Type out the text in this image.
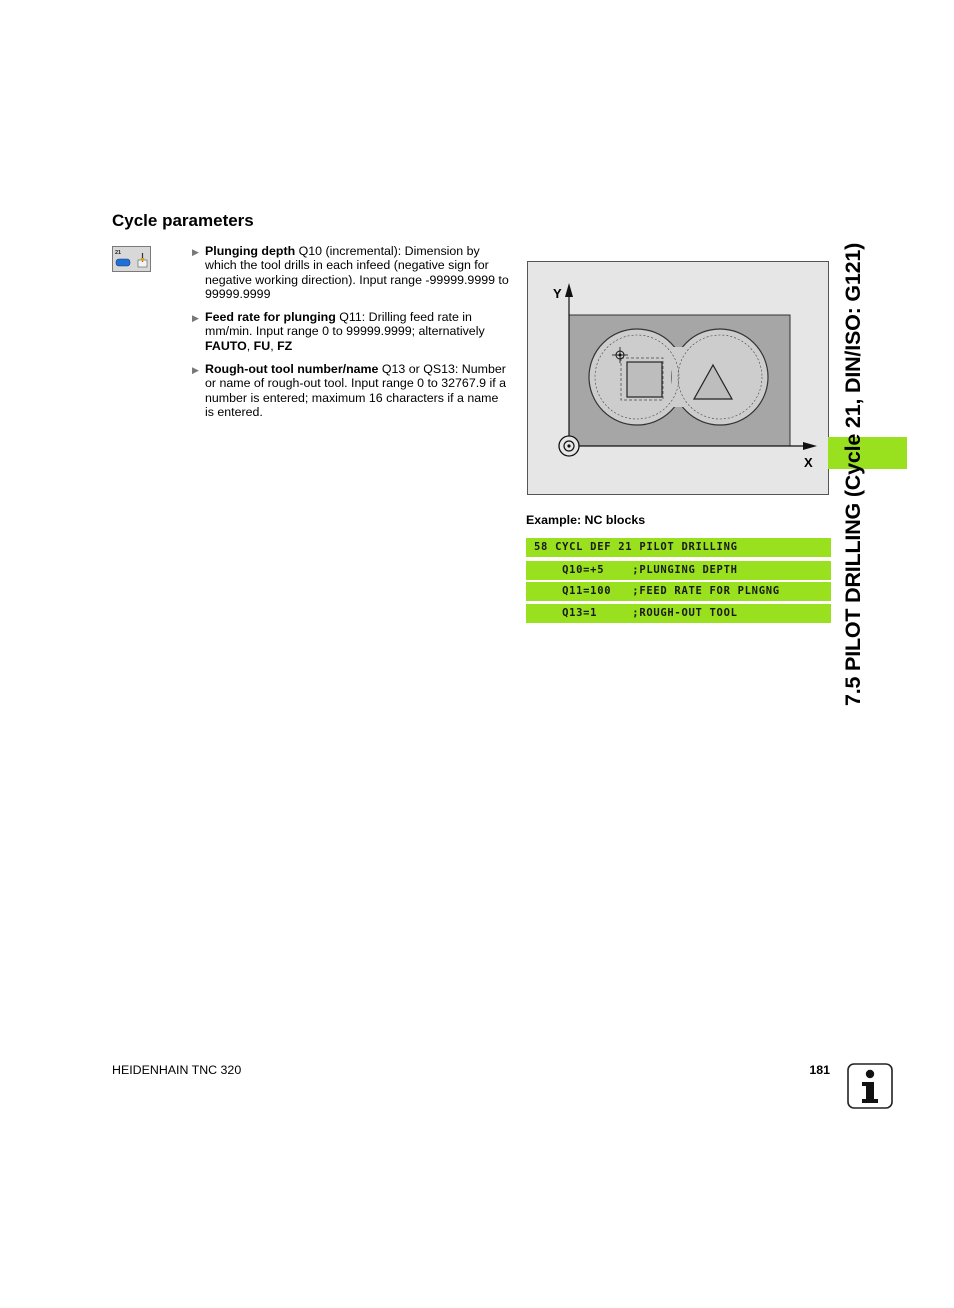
Cycle parameters
21	▶ Plunging depth Q10 (incremental): Dimension by which the tool drills in each infeed (negative sign for negative working direction). Input range -99999.9999 to 99999.9999
▶ Feed rate for plunging Q11: Drilling feed rate in mm/min. Input range 0 to 99999.9999; alternatively FAUTO, FU, FZ
▶ Rough-out tool number/name Q13 or QS13: Number or name of rough-out tool. Input range 0 to 32767.9 if a number is entered; maximum 16 characters if a name is entered.
Y
X
Example: NC blocks
58 CYCL DEF 21 PILOT DRILLING
Q10=+5    ;PLUNGING DEPTH
Q11=100   ;FEED RATE FOR PLNGNG
Q13=1     ;ROUGH-OUT TOOL	7.5 PILOT DRILLING (Cycle 21, DIN/ISO: G121)
HEIDENHAIN TNC 320	181
